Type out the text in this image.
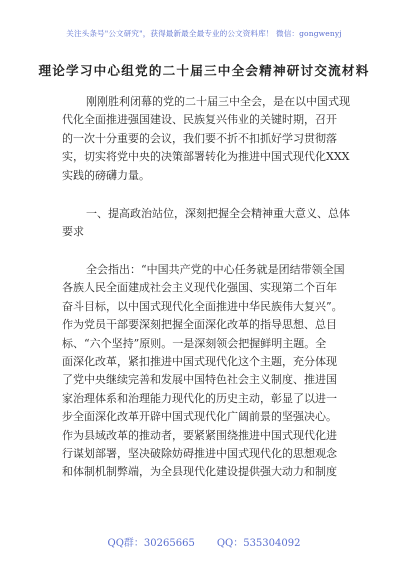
关注头条号"公文研究"，获得最新最全最专业的公文资料库！ 微信：gongwenyj
理论学习中心组党的二十届三中全会精神研讨交流材料
刚刚胜利闭幕的党的二十届三中全会，是在以中国式现
代化全面推进强国建设、民族复兴伟业的关键时期，召开
的一次十分重要的会议，我们要不折不扣抓好学习贯彻落
实，切实将党中央的决策部署转化为推进中国式现代化XXX
实践的磅礴力量。
一、提高政治站位，深刻把握全会精神重大意义、总体
要求
全会指出：“中国共产党的中心任务就是团结带领全国
各族人民全面建成社会主义现代化强国、实现第二个百年
奋斗目标，以中国式现代化全面推进中华民族伟大复兴”。
作为党员干部要深刻把握全面深化改革的指导思想、总目
标、“六个坚持”原则。一是深刻领会把握鲜明主题。全
面深化改革，紧扣推进中国式现代化这个主题，充分体现
了党中央继续完善和发展中国特色社会主义制度、推进国
家治理体系和治理能力现代化的历史主动，彰显了以进一
步全面深化改革开辟中国式现代化广阔前景的坚强决心。
作为县域改革的推动者，要紧紧围绕推进中国式现代化进
行谋划部署，坚决破除妨碍推进中国式现代化的思想观念
和体制机制弊端，为全县现代化建设提供强大动力和制度
QQ群：30265665 QQ：535304092
